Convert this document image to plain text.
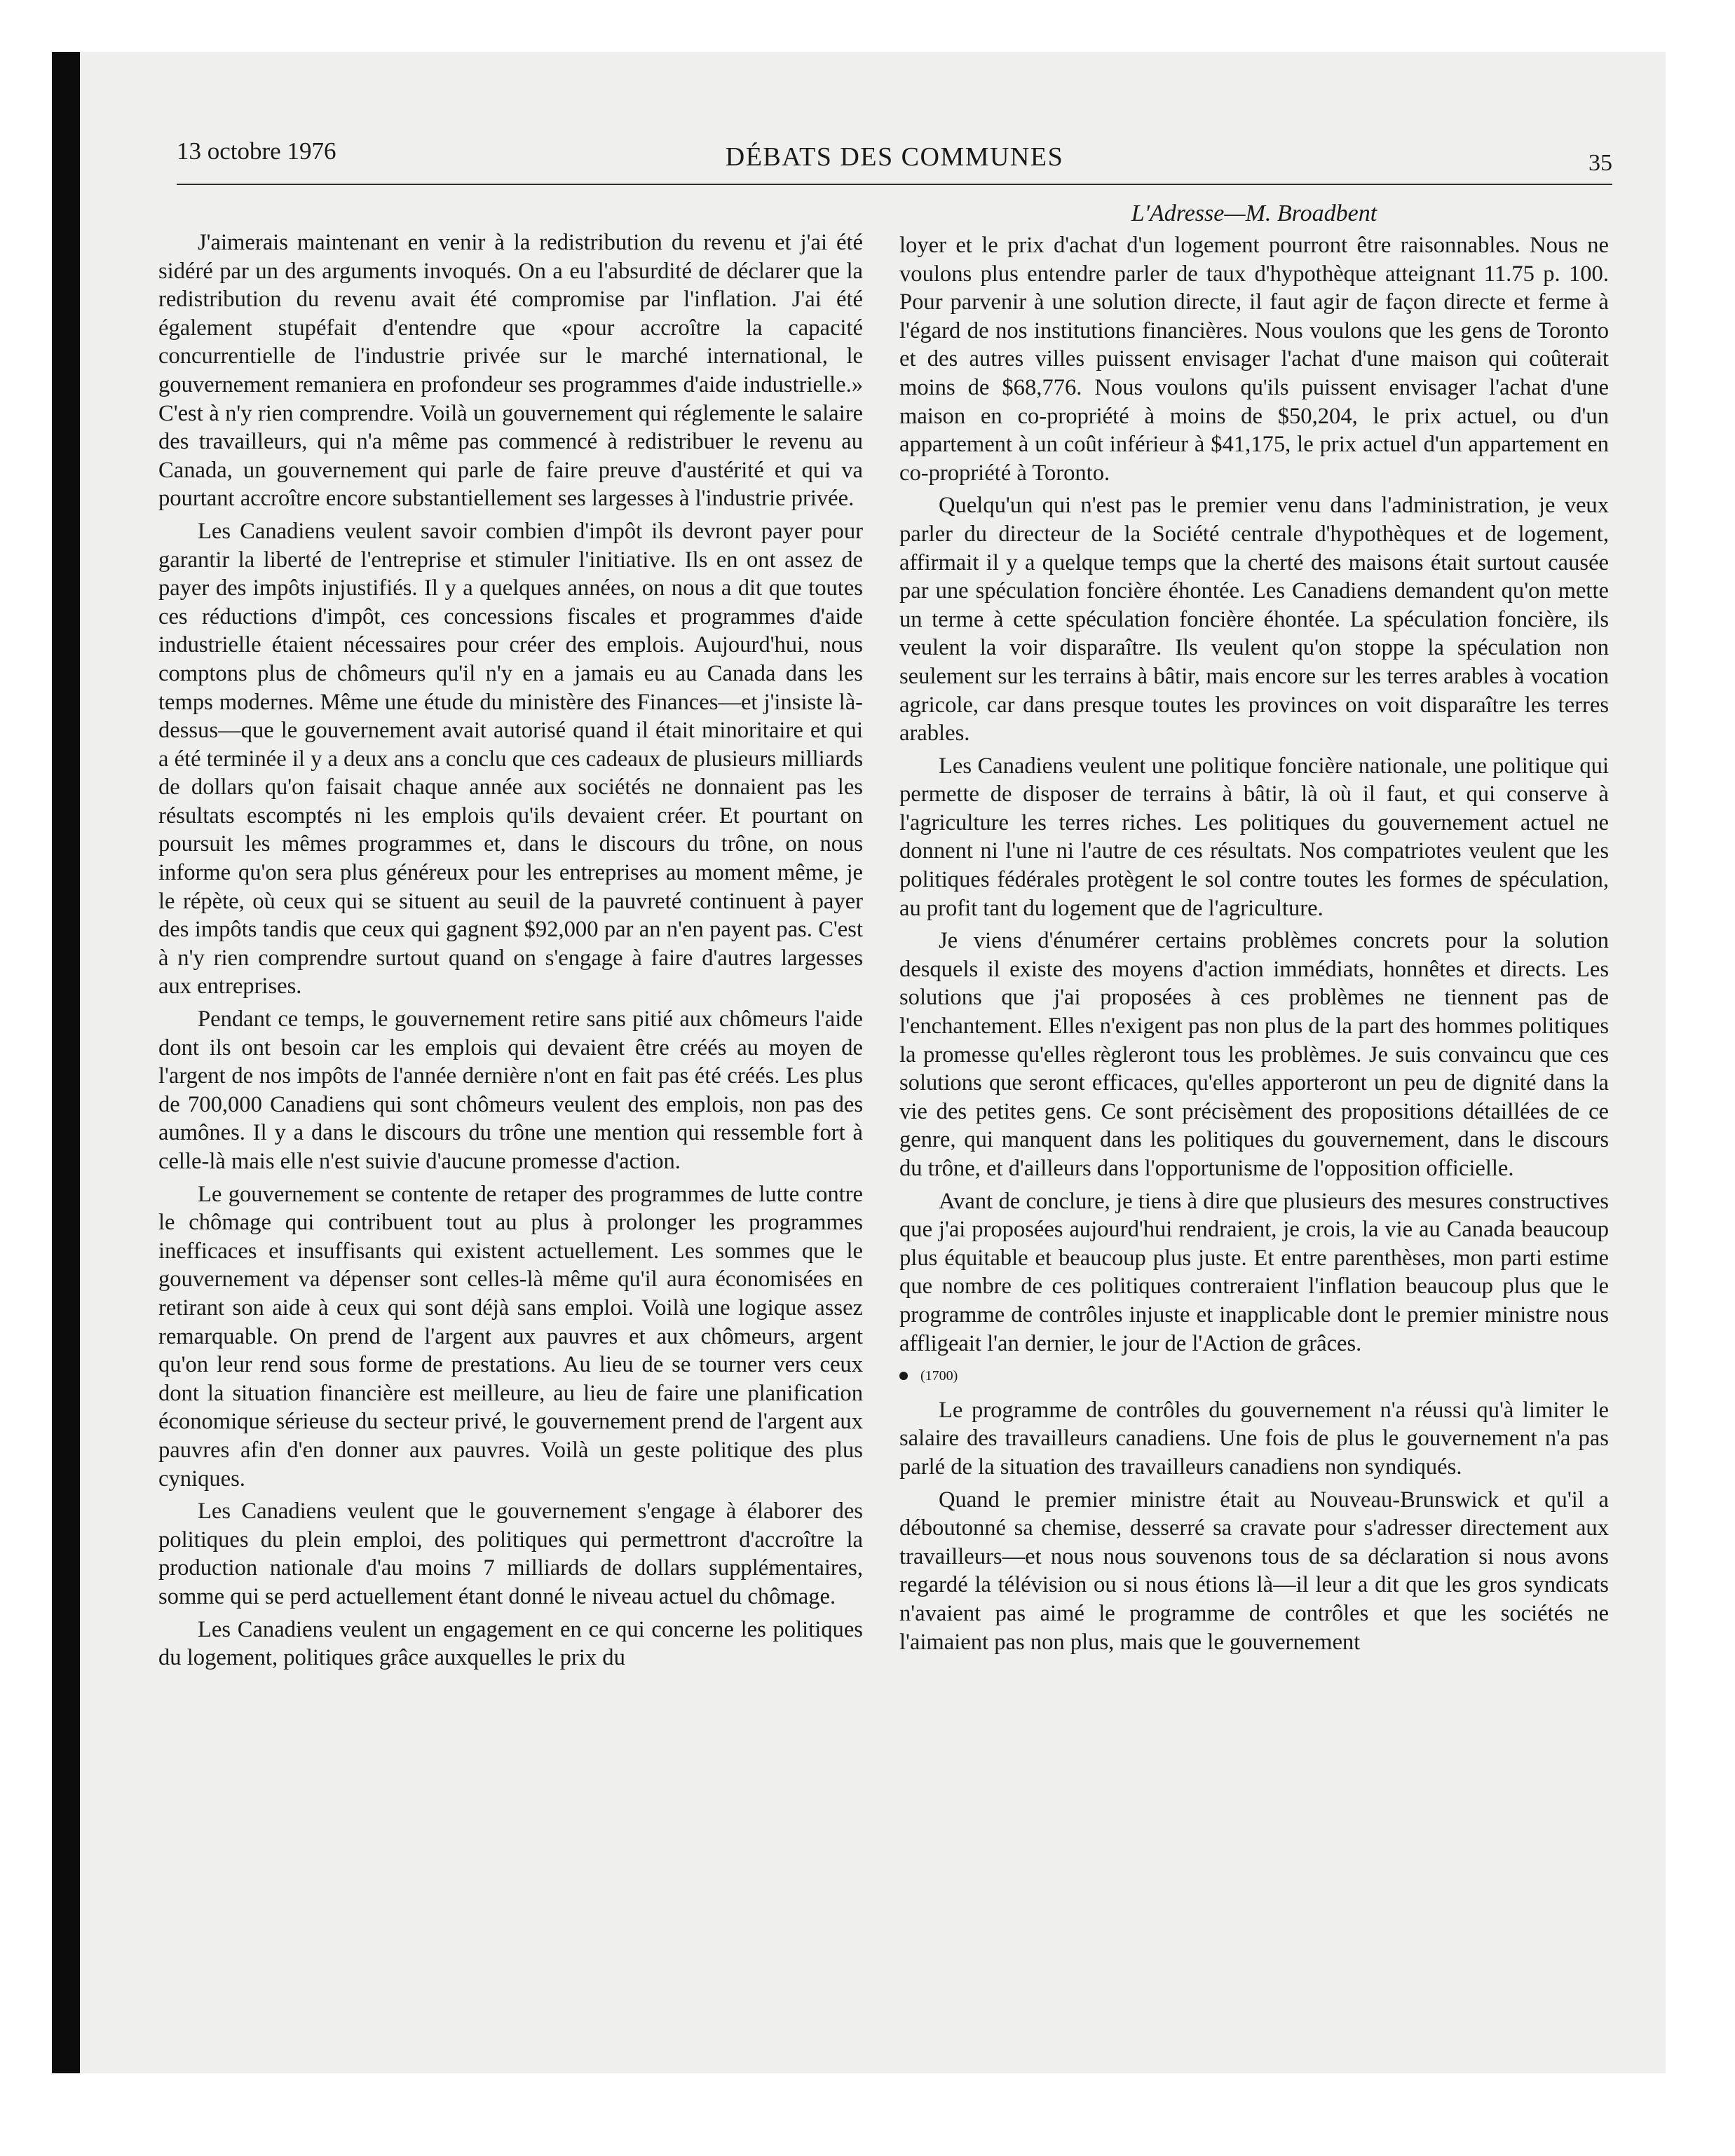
13 octobre 1976	DÉBATS DES COMMUNES	35
L'Adresse—M. Broadbent

J'aimerais maintenant en venir à la redistribution du revenu et j'ai été sidéré par un des arguments invoqués. On a eu l'absurdité de déclarer que la redistribution du revenu avait été compromise par l'inflation. J'ai été également stupéfait d'entendre que «pour accroître la capacité concurrentielle de l'industrie privée sur le marché international, le gouvernement remaniera en profondeur ses programmes d'aide industrielle.» C'est à n'y rien comprendre. Voilà un gouvernement qui réglemente le salaire des travailleurs, qui n'a même pas commencé à redistribuer le revenu au Canada, un gouvernement qui parle de faire preuve d'austérité et qui va pourtant accroître encore substantiellement ses largesses à l'industrie privée.

Les Canadiens veulent savoir combien d'impôt ils devront payer pour garantir la liberté de l'entreprise et stimuler l'initiative. Ils en ont assez de payer des impôts injustifiés. Il y a quelques années, on nous a dit que toutes ces réductions d'impôt, ces concessions fiscales et programmes d'aide industrielle étaient nécessaires pour créer des emplois. Aujourd'hui, nous comptons plus de chômeurs qu'il n'y en a jamais eu au Canada dans les temps modernes. Même une étude du ministère des Finances—et j'insiste là-dessus—que le gouvernement avait autorisé quand il était minoritaire et qui a été terminée il y a deux ans a conclu que ces cadeaux de plusieurs milliards de dollars qu'on faisait chaque année aux sociétés ne donnaient pas les résultats escomptés ni les emplois qu'ils devaient créer. Et pourtant on poursuit les mêmes programmes et, dans le discours du trône, on nous informe qu'on sera plus généreux pour les entreprises au moment même, je le répète, où ceux qui se situent au seuil de la pauvreté continuent à payer des impôts tandis que ceux qui gagnent $92,000 par an n'en payent pas. C'est à n'y rien comprendre surtout quand on s'engage à faire d'autres largesses aux entreprises.

Pendant ce temps, le gouvernement retire sans pitié aux chômeurs l'aide dont ils ont besoin car les emplois qui devaient être créés au moyen de l'argent de nos impôts de l'année dernière n'ont en fait pas été créés. Les plus de 700,000 Canadiens qui sont chômeurs veulent des emplois, non pas des aumônes. Il y a dans le discours du trône une mention qui ressemble fort à celle-là mais elle n'est suivie d'aucune promesse d'action.

Le gouvernement se contente de retaper des programmes de lutte contre le chômage qui contribuent tout au plus à prolonger les programmes inefficaces et insuffisants qui existent actuellement. Les sommes que le gouvernement va dépenser sont celles-là même qu'il aura économisées en retirant son aide à ceux qui sont déjà sans emploi. Voilà une logique assez remarquable. On prend de l'argent aux pauvres et aux chômeurs, argent qu'on leur rend sous forme de prestations. Au lieu de se tourner vers ceux dont la situation financière est meilleure, au lieu de faire une planification économique sérieuse du secteur privé, le gouvernement prend de l'argent aux pauvres afin d'en donner aux pauvres. Voilà un geste politique des plus cyniques.

Les Canadiens veulent que le gouvernement s'engage à élaborer des politiques du plein emploi, des politiques qui permettront d'accroître la production nationale d'au moins 7 milliards de dollars supplémentaires, somme qui se perd actuellement étant donné le niveau actuel du chômage.

Les Canadiens veulent un engagement en ce qui concerne les politiques du logement, politiques grâce auxquelles le prix du

loyer et le prix d'achat d'un logement pourront être raisonnables. Nous ne voulons plus entendre parler de taux d'hypothèque atteignant 11.75 p. 100. Pour parvenir à une solution directe, il faut agir de façon directe et ferme à l'égard de nos institutions financières. Nous voulons que les gens de Toronto et des autres villes puissent envisager l'achat d'une maison qui coûterait moins de $68,776. Nous voulons qu'ils puissent envisager l'achat d'une maison en co-propriété à moins de $50,204, le prix actuel, ou d'un appartement à un coût inférieur à $41,175, le prix actuel d'un appartement en co-propriété à Toronto.

Quelqu'un qui n'est pas le premier venu dans l'administration, je veux parler du directeur de la Société centrale d'hypothèques et de logement, affirmait il y a quelque temps que la cherté des maisons était surtout causée par une spéculation foncière éhontée. Les Canadiens demandent qu'on mette un terme à cette spéculation foncière éhontée. La spéculation foncière, ils veulent la voir disparaître. Ils veulent qu'on stoppe la spéculation non seulement sur les terrains à bâtir, mais encore sur les terres arables à vocation agricole, car dans presque toutes les provinces on voit disparaître les terres arables.

Les Canadiens veulent une politique foncière nationale, une politique qui permette de disposer de terrains à bâtir, là où il faut, et qui conserve à l'agriculture les terres riches. Les politiques du gouvernement actuel ne donnent ni l'une ni l'autre de ces résultats. Nos compatriotes veulent que les politiques fédérales protègent le sol contre toutes les formes de spéculation, au profit tant du logement que de l'agriculture.

Je viens d'énumérer certains problèmes concrets pour la solution desquels il existe des moyens d'action immédiats, honnêtes et directs. Les solutions que j'ai proposées à ces problèmes ne tiennent pas de l'enchantement. Elles n'exigent pas non plus de la part des hommes politiques la promesse qu'elles règleront tous les problèmes. Je suis convaincu que ces solutions que seront efficaces, qu'elles apporteront un peu de dignité dans la vie des petites gens. Ce sont précisèment des propositions détaillées de ce genre, qui manquent dans les politiques du gouvernement, dans le discours du trône, et d'ailleurs dans l'opportunisme de l'opposition officielle.

Avant de conclure, je tiens à dire que plusieurs des mesures constructives que j'ai proposées aujourd'hui rendraient, je crois, la vie au Canada beaucoup plus équitable et beaucoup plus juste. Et entre parenthèses, mon parti estime que nombre de ces politiques contreraient l'inflation beaucoup plus que le programme de contrôles injuste et inapplicable dont le premier ministre nous affligeait l'an dernier, le jour de l'Action de grâces.

(1700)

Le programme de contrôles du gouvernement n'a réussi qu'à limiter le salaire des travailleurs canadiens. Une fois de plus le gouvernement n'a pas parlé de la situation des travailleurs canadiens non syndiqués.

Quand le premier ministre était au Nouveau-Brunswick et qu'il a déboutonné sa chemise, desserré sa cravate pour s'adresser directement aux travailleurs—et nous nous souvenons tous de sa déclaration si nous avons regardé la télévision ou si nous étions là—il leur a dit que les gros syndicats n'avaient pas aimé le programme de contrôles et que les sociétés ne l'aimaient pas non plus, mais que le gouvernement
